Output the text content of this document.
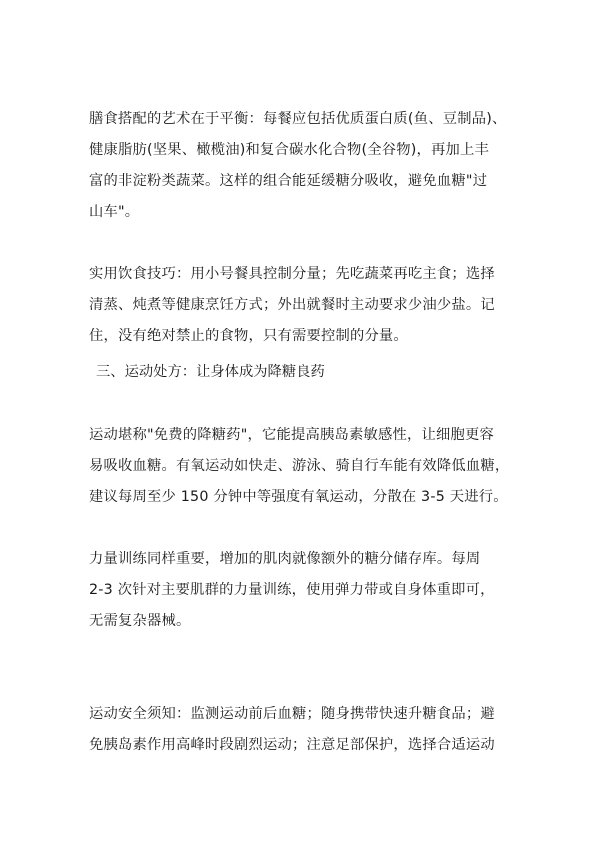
膳食搭配的艺术在于平衡：每餐应包括优质蛋白质(鱼、豆制品)、
健康脂肪(坚果、橄榄油)和复合碳水化合物(全谷物)，再加上丰
富的非淀粉类蔬菜。这样的组合能延缓糖分吸收，避免血糖"过
山车"。

实用饮食技巧：用小号餐具控制分量；先吃蔬菜再吃主食；选择
清蒸、炖煮等健康烹饪方式；外出就餐时主动要求少油少盐。记
住，没有绝对禁止的食物，只有需要控制的分量。

三、运动处方：让身体成为降糖良药

运动堪称"免费的降糖药"，它能提高胰岛素敏感性，让细胞更容
易吸收血糖。有氧运动如快走、游泳、骑自行车能有效降低血糖，
建议每周至少 150 分钟中等强度有氧运动，分散在 3-5 天进行。

力量训练同样重要，增加的肌肉就像额外的糖分储存库。每周
2-3 次针对主要肌群的力量训练，使用弹力带或自身体重即可，
无需复杂器械。

运动安全须知：监测运动前后血糖；随身携带快速升糖食品；避
免胰岛素作用高峰时段剧烈运动；注意足部保护，选择合适运动
